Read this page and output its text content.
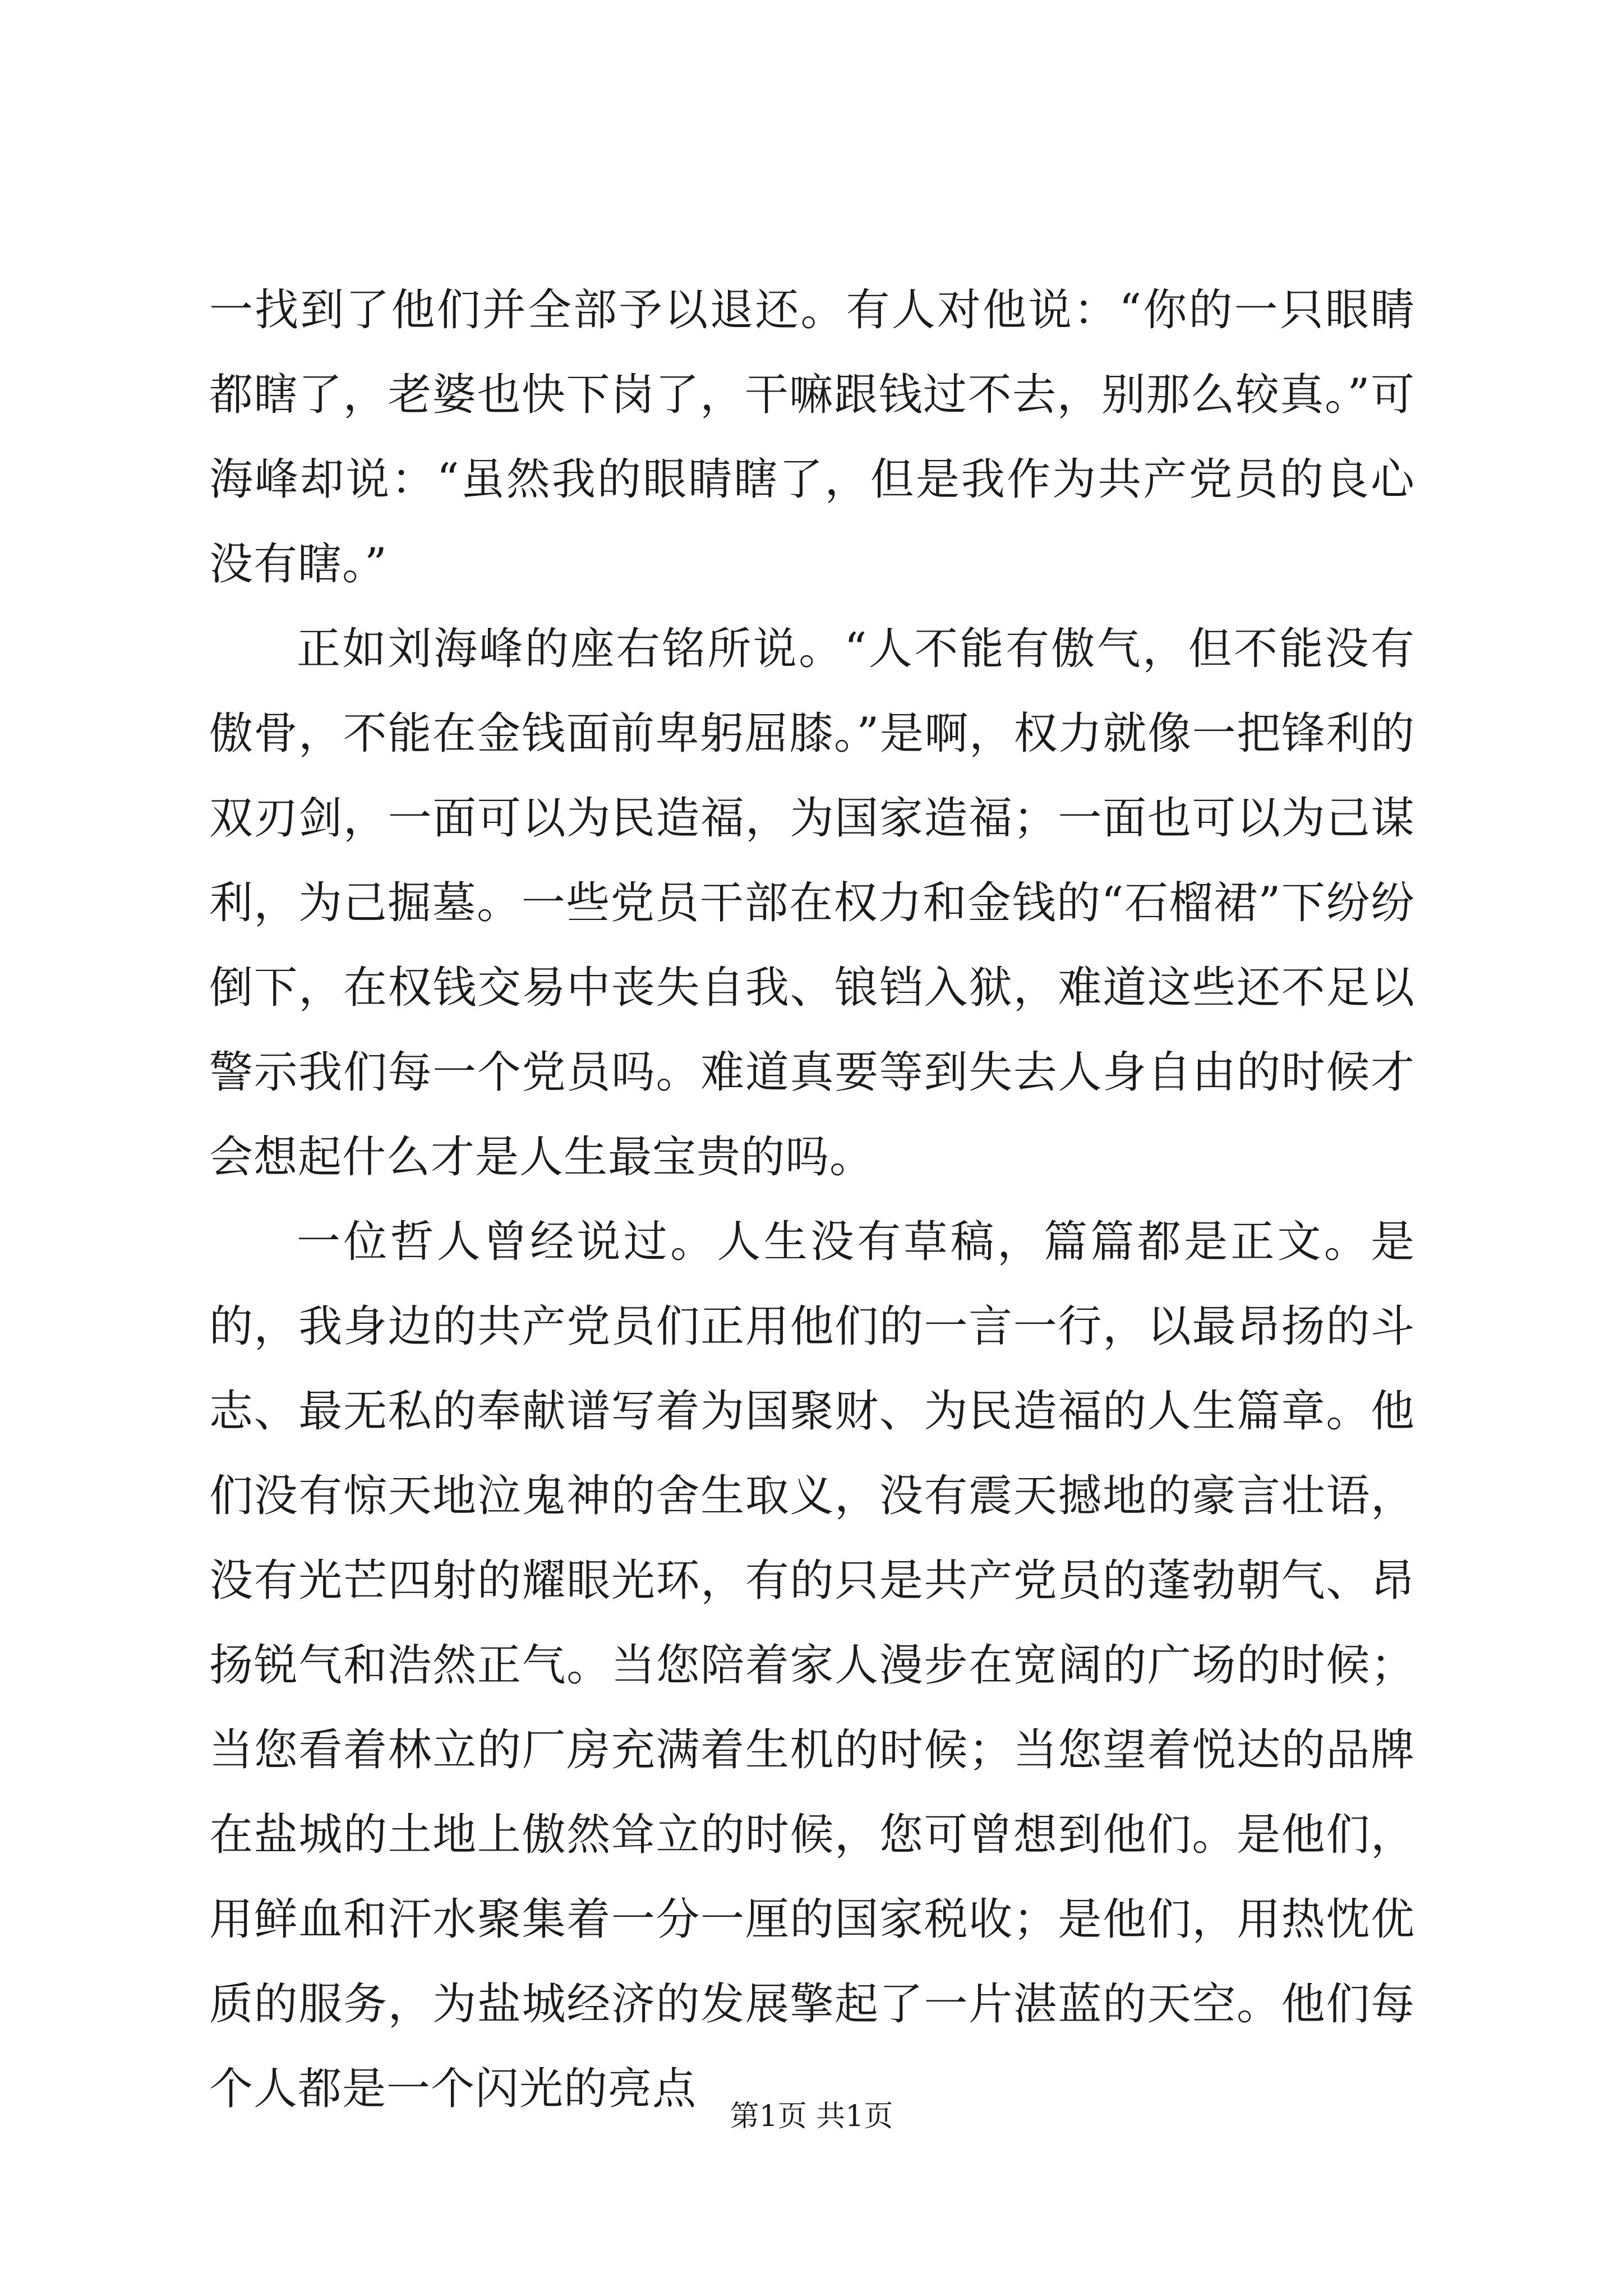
一找到了他们并全部予以退还。有人对他说：“你的一只眼睛都瞎了，老婆也快下岗了，干嘛跟钱过不去，别那么较真。”可海峰却说：“虽然我的眼睛瞎了，但是我作为共产党员的良心没有瞎。”

正如刘海峰的座右铭所说。“人不能有傲气，但不能没有傲骨，不能在金钱面前卑躬屈膝。”是啊，权力就像一把锋利的双刃剑，一面可以为民造福，为国家造福；一面也可以为己谋利，为己掘墓。一些党员干部在权力和金钱的“石榴裙”下纷纷倒下，在权钱交易中丧失自我、锒铛入狱，难道这些还不足以警示我们每一个党员吗。难道真要等到失去人身自由的时候才会想起什么才是人生最宝贵的吗。

一位哲人曾经说过。人生没有草稿，篇篇都是正文。是的，我身边的共产党员们正用他们的一言一行，以最昂扬的斗志、最无私的奉献谱写着为国聚财、为民造福的人生篇章。他们没有惊天地泣鬼神的舍生取义，没有震天撼地的豪言壮语，没有光芒四射的耀眼光环，有的只是共产党员的蓬勃朝气、昂扬锐气和浩然正气。当您陪着家人漫步在宽阔的广场的时候；当您看着林立的厂房充满着生机的时候；当您望着悦达的品牌在盐城的土地上傲然耸立的时候，您可曾想到他们。是他们，用鲜血和汗水聚集着一分一厘的国家税收；是他们，用热忱优质的服务，为盐城经济的发展擎起了一片湛蓝的天空。他们每个人都是一个闪光的亮点

第1页 共1页
